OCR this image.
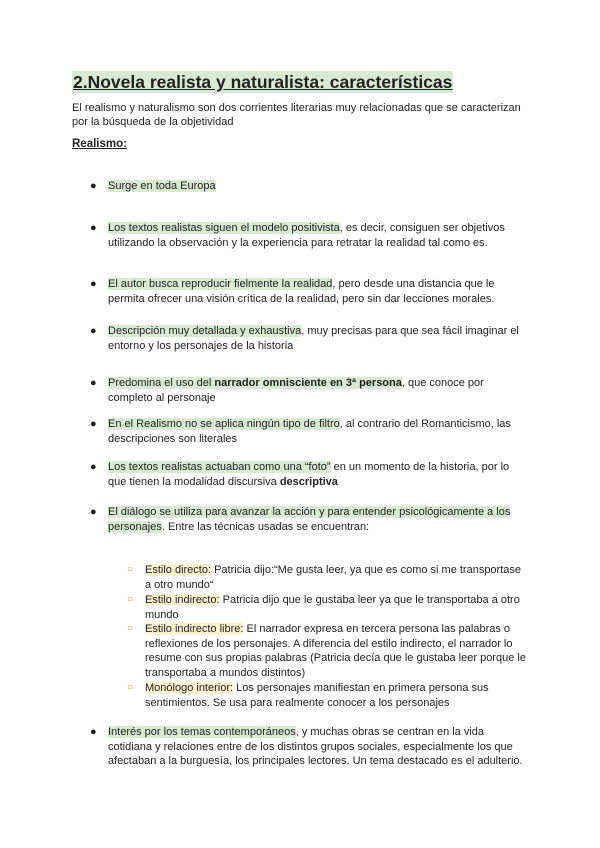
2.Novela realista y naturalista: características
El realismo y naturalismo son dos corrientes literarias muy relacionadas que se caracterizan por la búsqueda de la objetividad
Realismo:
● Surge en toda Europa
● Los textos realistas siguen el modelo positivista, es decir, consiguen ser objetivos utilizando la observación y la experiencia para retratar la realidad tal como es.
● El autor busca reproducir fielmente la realidad, pero desde una distancia que le permita ofrecer una visión crítica de la realidad, pero sin dar lecciones morales.
● Descripción muy detallada y exhaustiva, muy precisas para que sea fácil imaginar el entorno y los personajes de la historia
● Predomina el uso del narrador omnisciente en 3ª persona, que conoce por completo al personaje
● En el Realismo no se aplica ningún tipo de filtro, al contrario del Romanticismo, las descripciones son literales
● Los textos realistas actuaban como una “foto” en un momento de la historia, por lo que tienen la modalidad discursiva descriptiva
● El diálogo se utiliza para avanzar la acción y para entender psicológicamente a los personajes. Entre las técnicas usadas se encuentran:
○ Estilo directo: Patricia dijo:“Me gusta leer, ya que es como si me transportase a otro mundo“
○ Estilo indirecto: Patricia dijo que le gustaba leer ya que le transportaba a otro mundo
○ Estilo indirecto libre: El narrador expresa en tercera persona las palabras o reflexiones de los personajes. A diferencia del estilo indirecto, el narrador lo resume con sus propias palabras (Patricia decía que le gustaba leer porque le transportaba a mundos distintos)
○ Monólogo interior: Los personajes manifiestan en primera persona sus sentimientos. Se usa para realmente conocer a los personajes
● Interés por los temas contemporáneos, y muchas obras se centran en la vida cotidiana y relaciones entre de los distintos grupos sociales, especialmente los que afectaban a la burguesía, los principales lectores. Un tema destacado es el adulterio.
